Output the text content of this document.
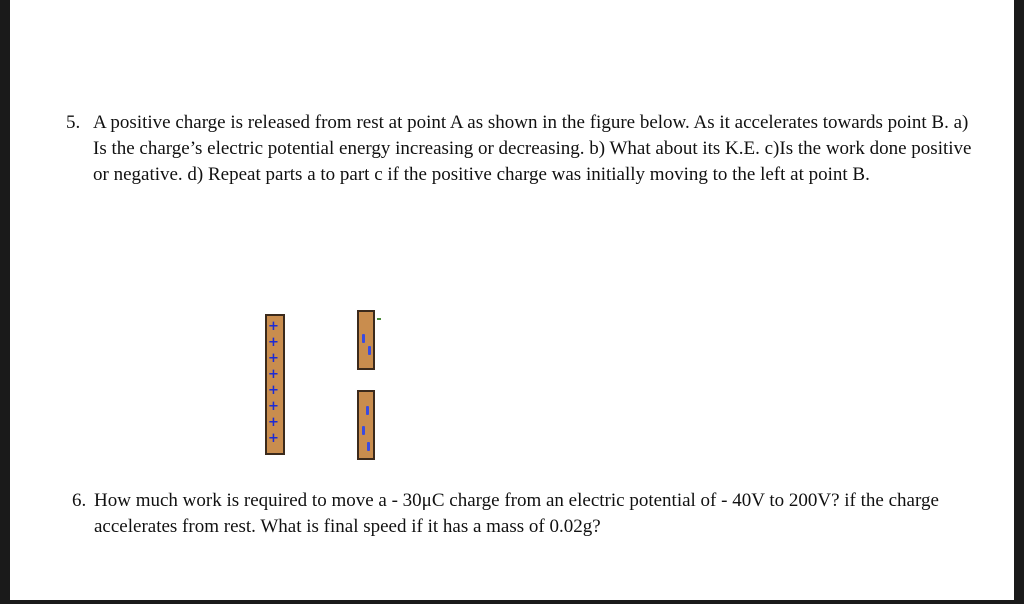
5. A positive charge is released from rest at point A as shown in the figure below. As it accelerates towards point B. a) Is the charge’s electric potential energy increasing or decreasing. b) What about its K.E. c)Is the work done positive or negative. d) Repeat parts a to part c if the positive charge was initially moving to the left at point B.
+
+
+
+
+
+
+
+
6. How much work is required to move a - 30μC charge from an electric potential of - 40V to 200V? if the charge accelerates from rest. What is final speed if it has a mass of 0.02g?
